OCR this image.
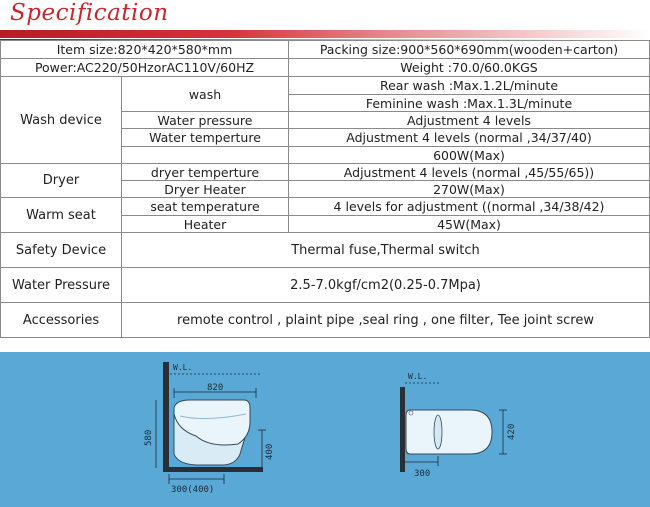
Specification
Item size:820*420*580*mm		Packing size:900*560*690mm(wooden+carton)
Power:AC220/50HzorAC110V/60HZ		Weight :70.0/60.0KGS
Wash device	wash	Rear wash :Max.1.2L/minute
		Feminine wash :Max.1.3L/minute
	Water pressure	Adjustment 4 levels
	Water temperture	Adjustment 4 levels (normal ,34/37/40)
		600W(Max)
Dryer	dryer temperture	Adjustment 4 levels (normal ,45/55/65))
	Dryer Heater	270W(Max)
Warm seat	seat temperature	4 levels for adjustment ((normal ,34/38/42)
	Heater	45W(Max)
Safety Device	Thermal fuse,Thermal switch	
Water Pressure	2.5-7.0kgf/cm2(0.25-0.7Mpa)	
Accessories	remote control , plaint pipe ,seal ring , one filter, Tee joint screw	
W.L.
820
580
400
300(400)
W.L.
420
300
